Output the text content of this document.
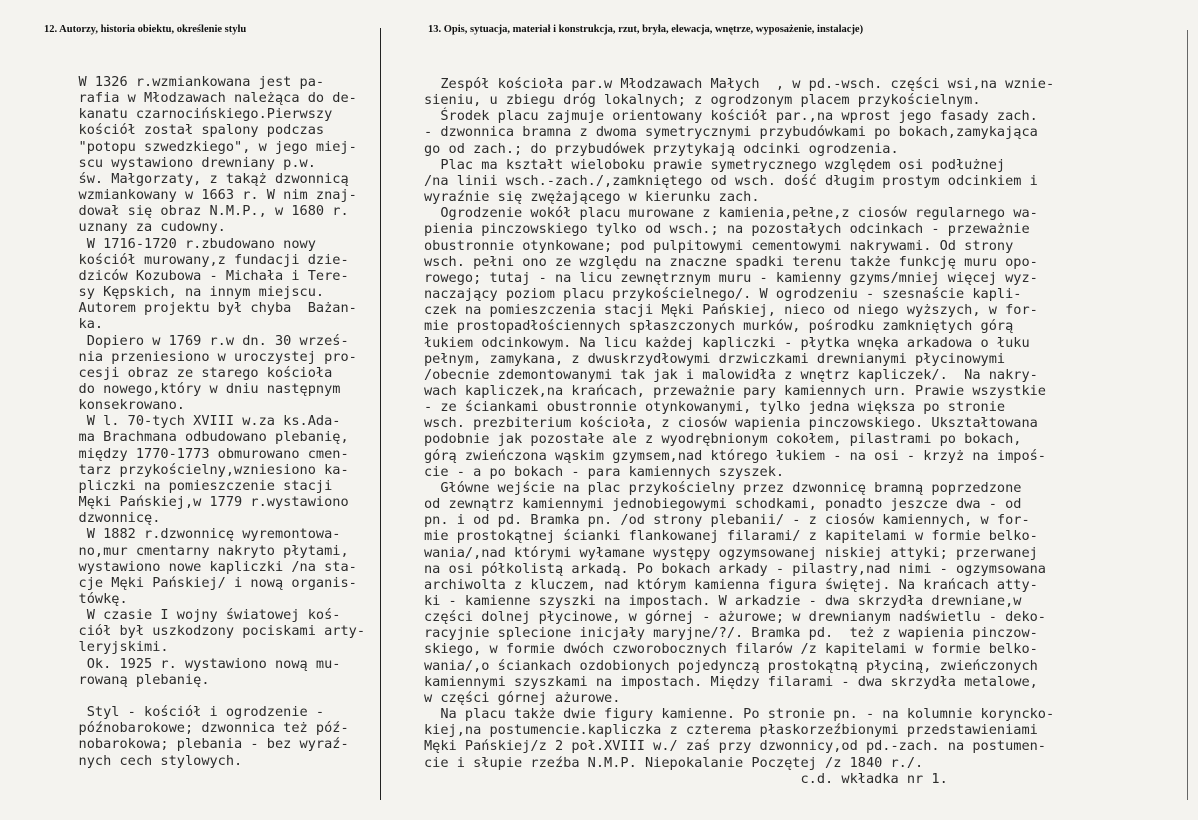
12. Autorzy, historia obiektu, określenie stylu	13. Opis, sytuacja, materiał i konstrukcja, rzut, bryła, elewacja, wnętrze, wyposażenie, instalacje)
W 1326 r.wzmiankowana jest pa-
rafia w Młodzawach należąca do de-
kanatu czarnocińskiego.Pierwszy
kościół został spalony podczas
"potopu szwedzkiego", w jego miej-
scu wystawiono drewniany p.w.
św. Małgorzaty, z takąż dzwonnicą
wzmiankowany w 1663 r. W nim znaj-
dował się obraz N.M.P., w 1680 r.
uznany za cudowny.
W 1716-1720 r.zbudowano nowy
kościół murowany,z fundacji dzie-
dziców Kozubowa - Michała i Tere-
sy Kępskich, na innym miejscu.
Autorem projektu był chyba  Bażan-
ka.
Dopiero w 1769 r.w dn. 30 wrześ-
nia przeniesiono w uroczystej pro-
cesji obraz ze starego kościoła
do nowego,który w dniu następnym
konsekrowano.
W l. 70-tych XVIII w.za ks.Ada-
ma Brachmana odbudowano plebanię,
między 1770-1773 obmurowano cmen-
tarz przykościelny,wzniesiono ka-
pliczki na pomieszczenie stacji
Męki Pańskiej,w 1779 r.wystawiono
dzwonnicę.
W 1882 r.dzwonnicę wyremontowa-
no,mur cmentarny nakryto płytami,
wystawiono nowe kapliczki /na sta-
cje Męki Pańskiej/ i nową organis-
tówkę.
W czasie I wojny światowej koś-
ciół był uszkodzony pociskami arty-
leryjskimi.
Ok. 1925 r. wystawiono nową mu-
rowaną plebanię.

Styl - kościół i ogrodzenie -
późnobarokowe; dzwonnica też póź-
nobarokowa; plebania - bez wyraź-
nych cech stylowych.
Zespół kościoła par.w Młodzawach Małych  , w pd.-wsch. części wsi,na wznie-
sieniu, u zbiegu dróg lokalnych; z ogrodzonym placem przykościelnym.
Środek placu zajmuje orientowany kościół par.,na wprost jego fasady zach.
- dzwonnica bramna z dwoma symetrycznymi przybudówkami po bokach,zamykająca
go od zach.; do przybudówek przytykają odcinki ogrodzenia.
Plac ma kształt wieloboku prawie symetrycznego względem osi podłużnej
/na linii wsch.-zach./,zamkniętego od wsch. dość długim prostym odcinkiem i
wyraźnie się zwężającego w kierunku zach.
Ogrodzenie wokół placu murowane z kamienia,pełne,z ciosów regularnego wa-
pienia pinczowskiego tylko od wsch.; na pozostałych odcinkach - przeważnie
obustronnie otynkowane; pod pulpitowymi cementowymi nakrywami. Od strony
wsch. pełni ono ze względu na znaczne spadki terenu także funkcję muru opo-
rowego; tutaj - na licu zewnętrznym muru - kamienny gzyms/mniej więcej wyz-
naczający poziom placu przykościelnego/. W ogrodzeniu - szesnaście kapli-
czek na pomieszczenia stacji Męki Pańskiej, nieco od niego wyższych, w for-
mie prostopadłościennych spłaszczonych murków, pośrodku zamkniętych górą
łukiem odcinkowym. Na licu każdej kapliczki - płytka wnęka arkadowa o łuku
pełnym, zamykana, z dwuskrzydłowymi drzwiczkami drewnianymi płycinowymi
/obecnie zdemontowanymi tak jak i malowidła z wnętrz kapliczek/.  Na nakry-
wach kapliczek,na krańcach, przeważnie pary kamiennych urn. Prawie wszystkie
- ze ściankami obustronnie otynkowanymi, tylko jedna większa po stronie
wsch. prezbiterium kościoła, z ciosów wapienia pinczowskiego. Ukształtowana
podobnie jak pozostałe ale z wyodrębnionym cokołem, pilastrami po bokach,
górą zwieńczona wąskim gzymsem,nad którego łukiem - na osi - krzyż na impoś-
cie - a po bokach - para kamiennych szyszek.
Główne wejście na plac przykościelny przez dzwonnicę bramną poprzedzone
od zewnątrz kamiennymi jednobiegowymi schodkami, ponadto jeszcze dwa - od
pn. i od pd. Bramka pn. /od strony plebanii/ - z ciosów kamiennych, w for-
mie prostokątnej ścianki flankowanej filarami/ z kapitelami w formie belko-
wania/,nad którymi wyłamane występy ogzymsowanej niskiej attyki; przerwanej
na osi półkolistą arkadą. Po bokach arkady - pilastry,nad nimi - ogzymsowana
archiwolta z kluczem, nad którym kamienna figura świętej. Na krańcach atty-
ki - kamienne szyszki na impostach. W arkadzie - dwa skrzydła drewniane,w
części dolnej płycinowe, w górnej - ażurowe; w drewnianym nadświetlu - deko-
racyjnie splecione inicjały maryjne/?/. Bramka pd.  też z wapienia pinczow-
skiego, w formie dwóch czworobocznych filarów /z kapitelami w formie belko-
wania/,o ściankach ozdobionych pojedynczą prostokątną płyciną, zwieńczonych
kamiennymi szyszkami na impostach. Między filarami - dwa skrzydła metalowe,
w części górnej ażurowe.
Na placu także dwie figury kamienne. Po stronie pn. - na kolumnie koryncko-
kiej,na postumencie.kapliczka z czterema płaskorzeźbionymi przedstawieniami
Męki Pańskiej/z 2 poł.XVIII w./ zaś przy dzwonnicy,od pd.-zach. na postumen-
cie i słupie rzeźba N.M.P. Niepokalanie Poczętej /z 1840 r./.
c.d. wkładka nr 1.
